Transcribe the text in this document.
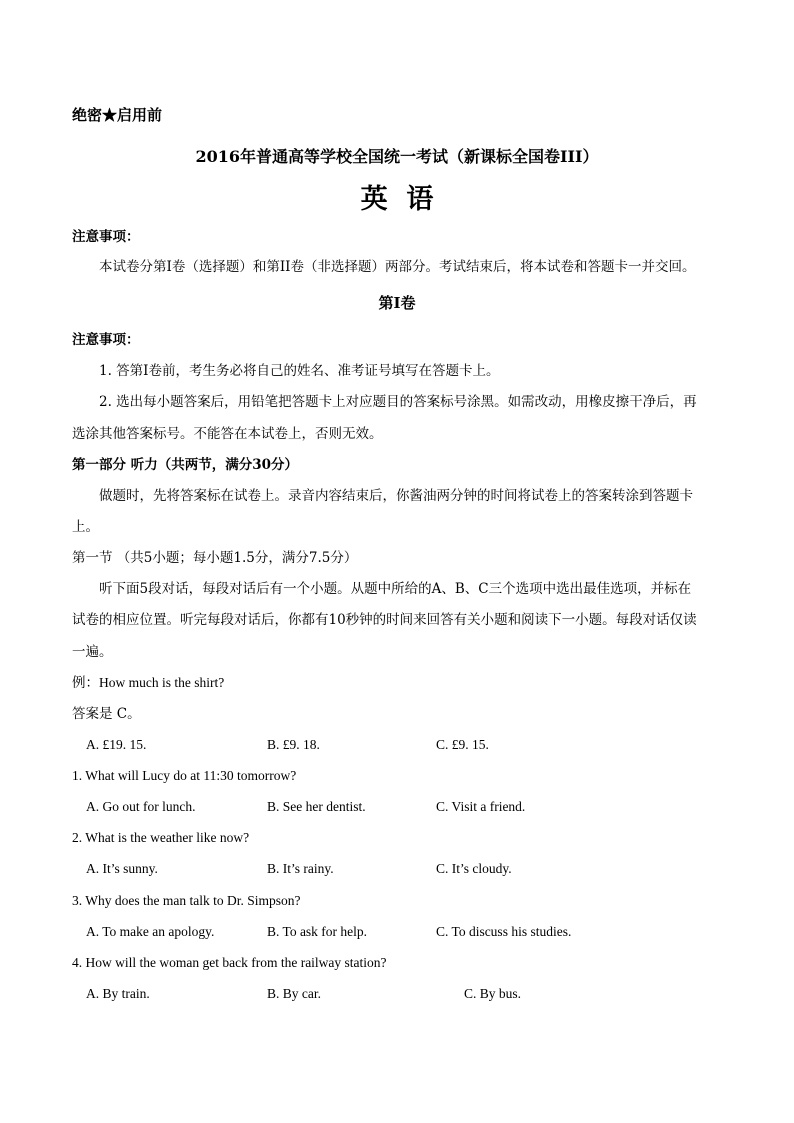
绝密★启用前
2016年普通高等学校全国统一考试（新课标全国卷III）
英  语
注意事项：
本试卷分第I卷（选择题）和第II卷（非选择题）两部分。考试结束后，将本试卷和答题卡一并交回。
第I卷
注意事项：
1. 答第I卷前，考生务必将自己的姓名、准考证号填写在答题卡上。
2. 选出每小题答案后，用铅笔把答题卡上对应题目的答案标号涂黑。如需改动，用橡皮擦干净后，再
选涂其他答案标号。不能答在本试卷上，否则无效。
第一部分 听力（共两节，满分30分）
做题时，先将答案标在试卷上。录音内容结束后，你酱油两分钟的时间将试卷上的答案转涂到答题卡
上。
第一节 （共5小题；每小题1.5分，满分7.5分）
听下面5段对话，每段对话后有一个小题。从题中所给的A、B、C三个选项中选出最佳选项，并标在
试卷的相应位置。听完每段对话后，你都有10秒钟的时间来回答有关小题和阅读下一小题。每段对话仅读
一遍。
例：How much is the shirt?
答案是 C。
A. £19. 15.	B. £9. 18.	C. £9. 15.
1. What will Lucy do at 11:30 tomorrow?
A. Go out for lunch.	B. See her dentist.	C. Visit a friend.
2. What is the weather like now?
A. It’s sunny.	B. It’s rainy.	C. It’s cloudy.
3. Why does the man talk to Dr. Simpson?
A. To make an apology.	B. To ask for help.	C. To discuss his studies.
4. How will the woman get back from the railway station?
A. By train.	B. By car.	C. By bus.
